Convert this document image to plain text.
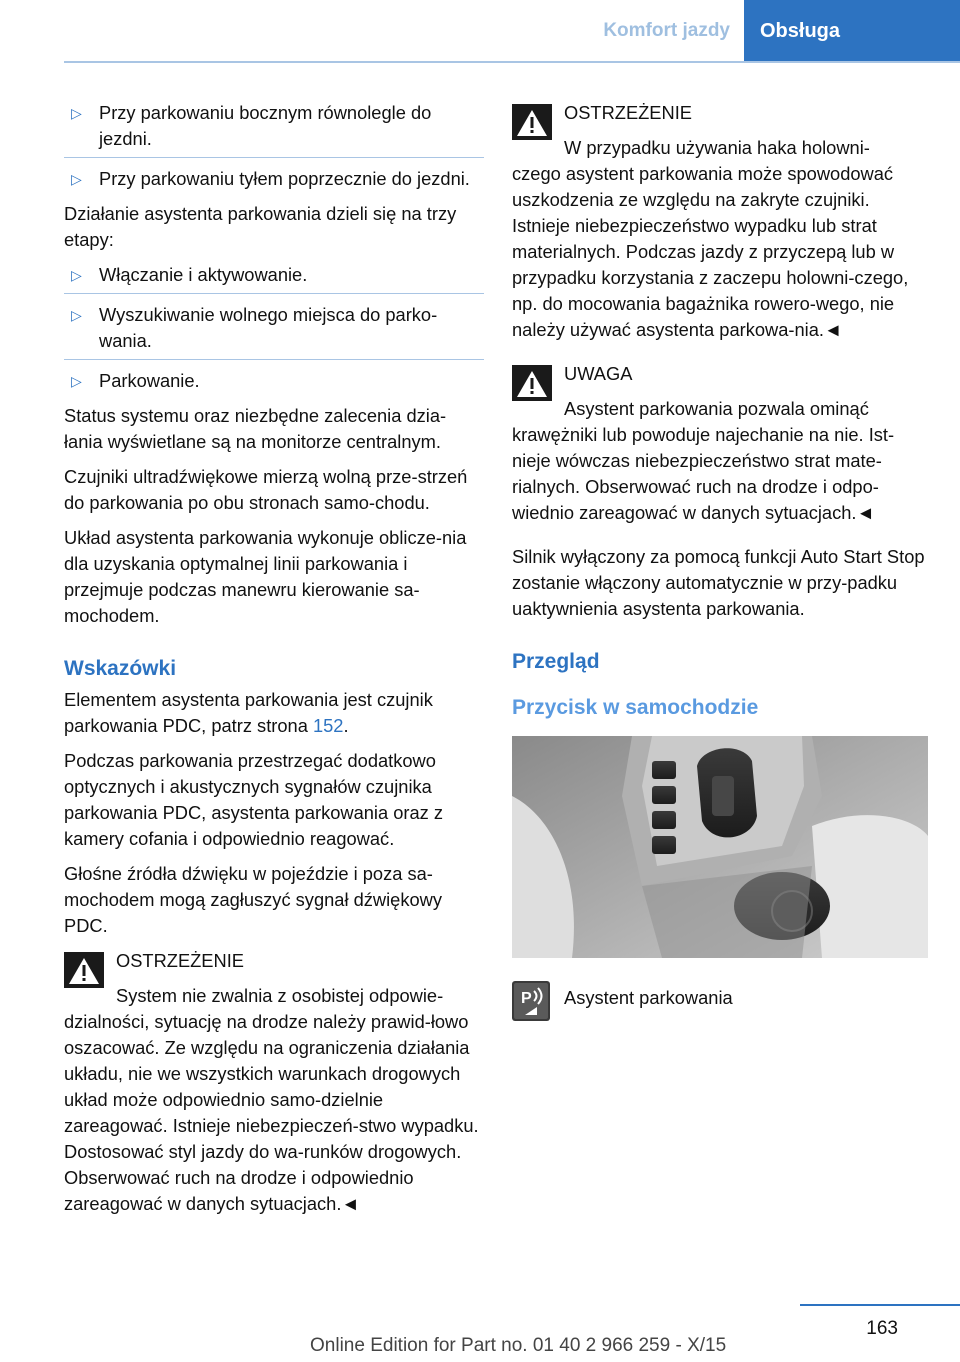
Komfort jazdy	Obsługa
▷ Przy parkowaniu bocznym równolegle do jezdni.
▷ Przy parkowaniu tyłem poprzecznie do jezdni.

Działanie asystenta parkowania dzieli się na trzy etapy:

▷ Włączanie i aktywowanie.
▷ Wyszukiwanie wolnego miejsca do parko-wania.
▷ Parkowanie.

Status systemu oraz niezbędne zalecenia dzia-łania wyświetlane są na monitorze centralnym.

Czujniki ultradźwiękowe mierzą wolną prze-strzeń do parkowania po obu stronach samo-chodu.

Układ asystenta parkowania wykonuje oblicze-nia dla uzyskania optymalnej linii parkowania i przejmuje podczas manewru kierowanie sa-mochodem.

Wskazówki

Elementem asystenta parkowania jest czujnik parkowania PDC, patrz strona 152.

Podczas parkowania przestrzegać dodatkowo optycznych i akustycznych sygnałów czujnika parkowania PDC, asystenta parkowania oraz z kamery cofania i odpowiednio reagować.

Głośne źródła dźwięku w pojeździe i poza sa-mochodem mogą zagłuszyć sygnał dźwiękowy PDC.

OSTRZEŻENIE
System nie zwalnia z osobistej odpowie-
dzialności, sytuację na drodze należy prawid-łowo oszacować. Ze względu na ograniczenia działania układu, nie we wszystkich warunkach drogowych układ może odpowiednio samo-dzielnie zareagować. Istnieje niebezpieczeń-stwo wypadku. Dostosować styl jazdy do wa-runków drogowych. Obserwować ruch na drodze i odpowiednio zareagować w danych sytuacjach.◄
OSTRZEŻENIE
W przypadku używania haka holowni-
czego asystent parkowania może spowodować uszkodzenia ze względu na zakryte czujniki. Istnieje niebezpieczeństwo wypadku lub strat materialnych. Podczas jazdy z przyczepą lub w przypadku korzystania z zaczepu holowni-czego, np. do mocowania bagażnika rowero-wego, nie należy używać asystenta parkowa-nia.◄
UWAGA
Asystent parkowania pozwala ominąć
krawężniki lub powoduje najechanie na nie. Ist-nieje wówczas niebezpieczeństwo strat mate-rialnych. Obserwować ruch na drodze i odpo-wiednio zareagować w danych sytuacjach.◄

Silnik wyłączony za pomocą funkcji Auto Start Stop zostanie włączony automatycznie w przy-padku uaktywnienia asystenta parkowania.

Przegląd
Przycisk w samochodzie
P Asystent parkowania
163
Online Edition for Part no. 01 40 2 966 259 - X/15
